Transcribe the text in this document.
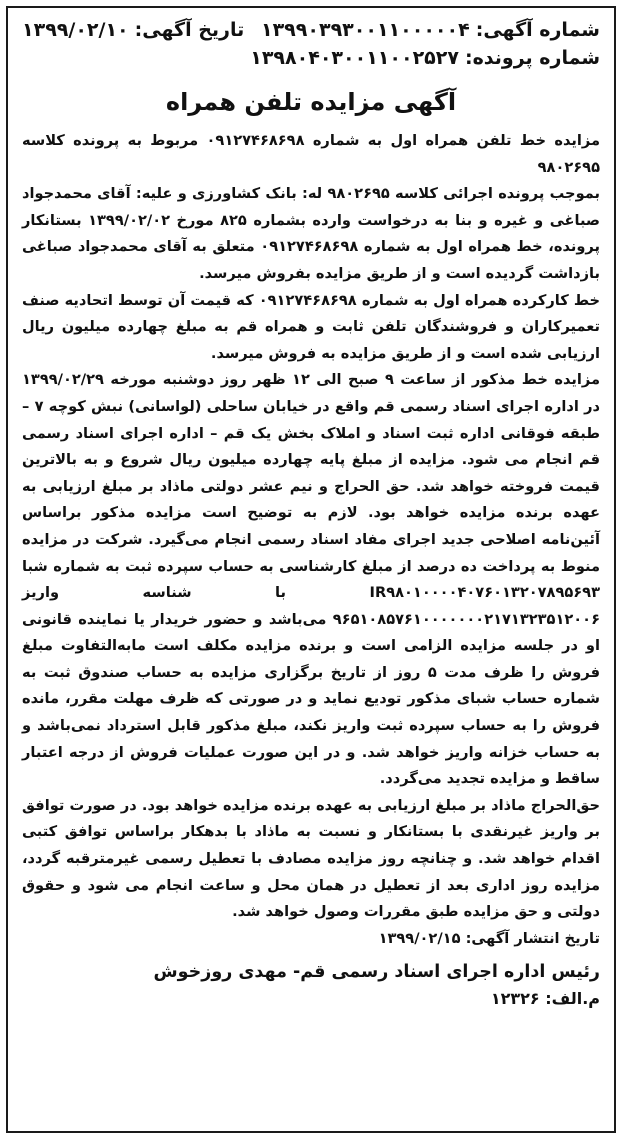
شماره آگهی:۱۳۹۹۰۳۹۳۰۰۱۱۰۰۰۰۰۴
تاریخ آگهی:۱۳۹۹/۰۲/۱۰
شماره پرونده:
۱۳۹۸۰۴۰۳۰۰۱۱۰۰۲۵۲۷
آگهی مزایده تلفن همراه

مزایده خط تلفن همراه اول به شماره ۰۹۱۲۷۴۶۸۶۹۸ مربوط به پرونده کلاسه ۹۸۰۲۶۹۵

بموجب پرونده اجرائی کلاسه ۹۸۰۲۶۹۵ له: بانک کشاورزی و علیه: آقای محمدجواد صباغی و غیره و بنا به درخواست وارده بشماره ۸۲۵ مورخ ۱۳۹۹/۰۲/۰۲ بستانکار پرونده، خط همراه اول به شماره ۰۹۱۲۷۴۶۸۶۹۸ متعلق به آقای محمدجواد صباغی بازداشت گردیده است و از طریق مزایده بفروش میرسد.

خط کارکرده همراه اول به شماره ۰۹۱۲۷۴۶۸۶۹۸ که قیمت آن توسط اتحادیه صنف تعمیرکاران و فروشندگان تلفن ثابت و همراه قم به مبلغ چهارده میلیون ریال ارزیابی شده است و از طریق مزایده به فروش میرسد.

مزایده خط مذکور از ساعت ۹ صبح الی ۱۲ ظهر روز دوشنبه مورخه ۱۳۹۹/۰۲/۲۹ در اداره اجرای اسناد رسمی قم واقع در خیابان ساحلی (لواسانی) نبش کوچه ۷ – طبقه فوقانی اداره ثبت اسناد و املاک بخش یک قم – اداره اجرای اسناد رسمی قم انجام می شود. مزایده از مبلغ پایه چهارده میلیون ریال شروع و به بالاترین قیمت فروخته خواهد شد. حق الحراج و نیم عشر دولتی ماذاد بر مبلغ ارزیابی به عهده برنده مزایده خواهد بود. لازم به توضیح است مزایده مذکور براساس آئین‌نامه اصلاحی جدید اجرای مفاد اسناد رسمی انجام می‌گیرد. شرکت در مزایده منوط به پرداخت ده درصد از مبلغ کارشناسی به حساب سپرده ثبت به شماره شبا IR۹۸۰۱۰۰۰۰۴۰۷۶۰۱۳۲۰۷۸۹۵۶۹۳ با شناسه واریز ۹۶۵۱۰۸۵۷۶۱۰۰۰۰۰۰۰۲۱۷۱۳۲۳۵۱۲۰۰۶ می‌باشد و حضور خریدار یا نماینده قانونی او در جلسه مزایده الزامی است و برنده مزایده مکلف است مابه‌التفاوت مبلغ فروش را ظرف مدت ۵ روز از تاریخ برگزاری مزایده به حساب صندوق ثبت به شماره حساب شبای مذکور تودیع نماید و در صورتی که ظرف مهلت مقرر، مانده فروش را به حساب سپرده ثبت واریز نکند، مبلغ مذکور قابل استرداد نمی‌باشد و به حساب خزانه واریز خواهد شد. و در این صورت عملیات فروش از درجه اعتبار ساقط و مزایده تجدید می‌گردد.

حق‌الحراج ماذاد بر مبلغ ارزیابی به عهده برنده مزایده خواهد بود. در صورت توافق بر واریز غیرنقدی با بستانکار و نسبت به ماذاد با بدهکار براساس توافق کتبی اقدام خواهد شد. و چنانچه روز مزایده مصادف با تعطیل رسمی غیرمترقبه گردد، مزایده روز اداری بعد از تعطیل در همان محل و ساعت انجام می شود و حقوق دولتی و حق مزایده طبق مقررات وصول خواهد شد.

تاریخ انتشار آگهی: ۱۳۹۹/۰۲/۱۵

رئیس اداره اجرای اسناد رسمی قم- مهدی روزخوش
م.الف: ۱۲۳۲۶
